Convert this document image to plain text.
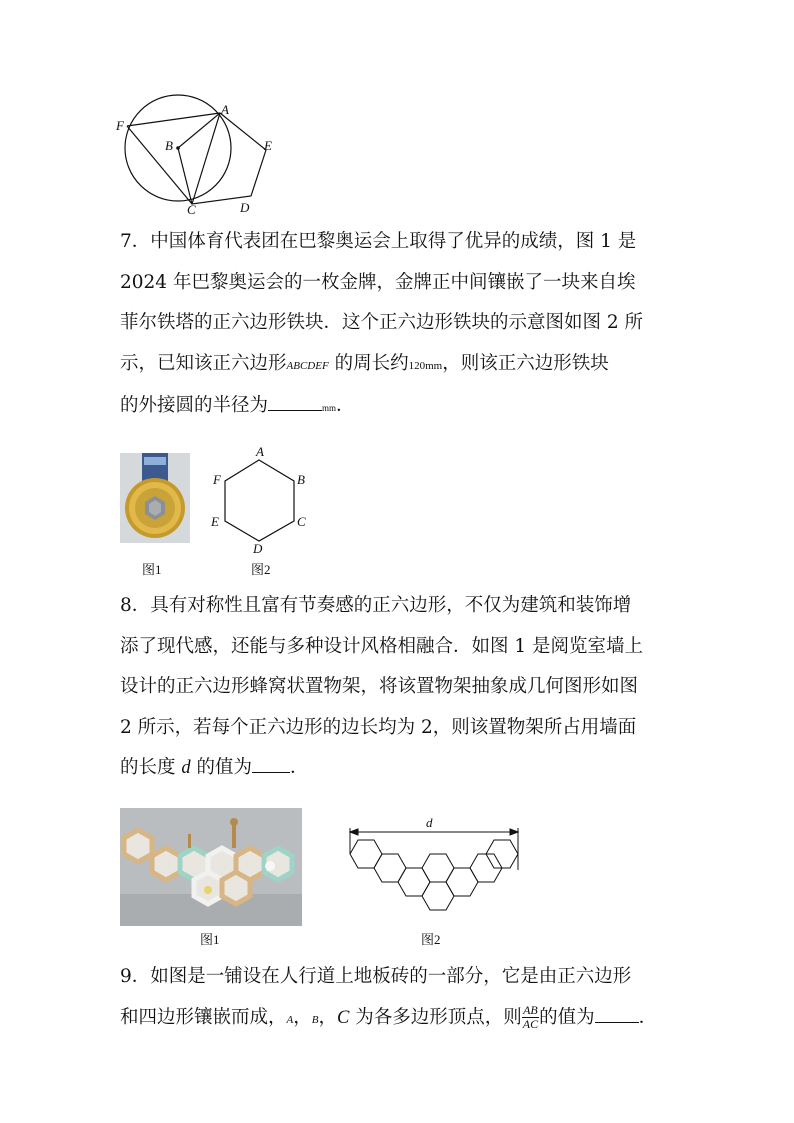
F
A
B	E
C	D

7．中国体育代表团在巴黎奥运会上取得了优异的成绩，图 1 是

2024 年巴黎奥运会的一枚金牌，金牌正中间镶嵌了一块来自埃

菲尔铁塔的正六边形铁块．这个正六边形铁块的示意图如图 2 所

示，已知该正六边形ABCDEF 的周长约120mm，则该正六边形铁块

的外接圆的半径为	mm．

图1
A
B
C
D
E
F
图2

8．具有对称性且富有节奏感的正六边形，不仅为建筑和装饰增

添了现代感，还能与多种设计风格相融合．如图 1 是阅览室墙上

设计的正六边形蜂窝状置物架，将该置物架抽象成几何图形如图

2 所示，若每个正六边形的边长均为 2，则该置物架所占用墙面

的长度 d 的值为 ．

图1
d
图2

9．如图是一铺设在人行道上地板砖的一部分，它是由正六边形

和四边形镶嵌而成，A，B，C 为各多边形顶点，则 $\frac{AB}{AC}$ 的值为 ．
